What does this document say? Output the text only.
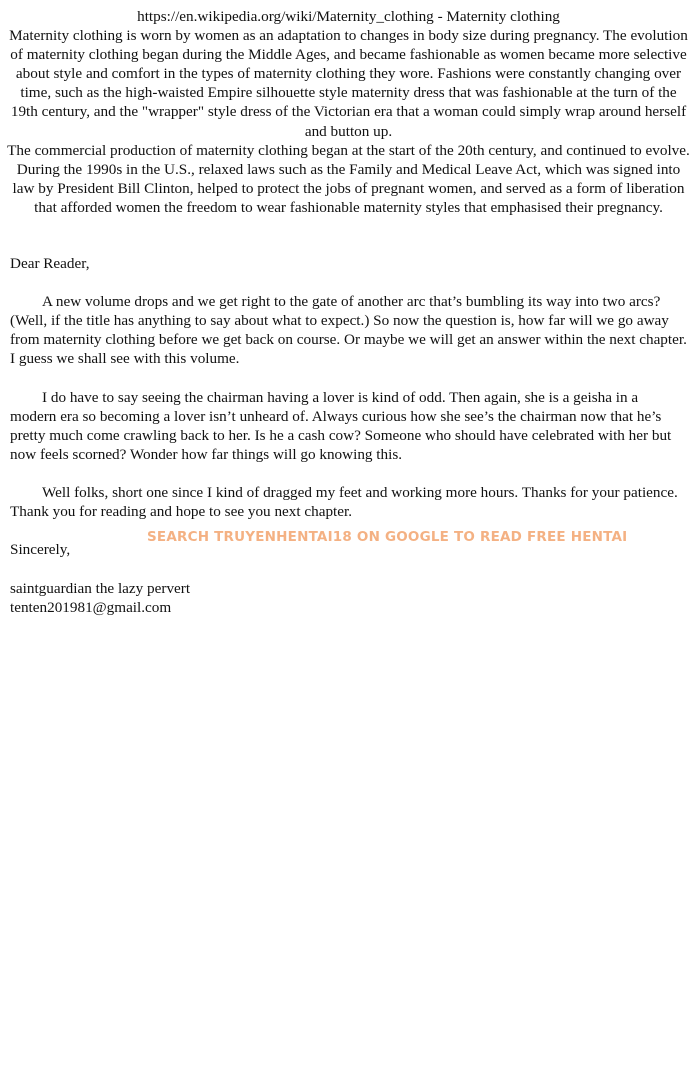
https://en.wikipedia.org/wiki/Maternity_clothing - Maternity clothing

Maternity clothing is worn by women as an adaptation to changes in body size during pregnancy. The evolution of maternity clothing began during the Middle Ages, and became fashionable as women became more selective about style and comfort in the types of maternity clothing they wore. Fashions were constantly changing over time, such as the high-waisted Empire silhouette style maternity dress that was fashionable at the turn of the 19th century, and the "wrapper" style dress of the Victorian era that a woman could simply wrap around herself and button up.

The commercial production of maternity clothing began at the start of the 20th century, and continued to evolve. During the 1990s in the U.S., relaxed laws such as the Family and Medical Leave Act, which was signed into law by President Bill Clinton, helped to protect the jobs of pregnant women, and served as a form of liberation that afforded women the freedom to wear fashionable maternity styles that emphasised their pregnancy.

Dear Reader,

A new volume drops and we get right to the gate of another arc that’s bumbling its way into two arcs? (Well, if the title has anything to say about what to expect.) So now the question is, how far will we go away from maternity clothing before we get back on course. Or maybe we will get an answer within the next chapter. I guess we shall see with this volume.

I do have to say seeing the chairman having a lover is kind of odd. Then again, she is a geisha in a modern era so becoming a lover isn’t unheard of. Always curious how she see’s the chairman now that he’s pretty much come crawling back to her. Is he a cash cow? Someone who should have celebrated with her but now feels scorned? Wonder how far things will go knowing this.

Well folks, short one since I kind of dragged my feet and working more hours. Thanks for your patience. Thank you for reading and hope to see you next chapter.

Sincerely,

saintguardian the lazy pervert

tenten201981@gmail.com

SEARCH TRUYENHENTAI18 ON GOOGLE TO READ FREE HENTAI
